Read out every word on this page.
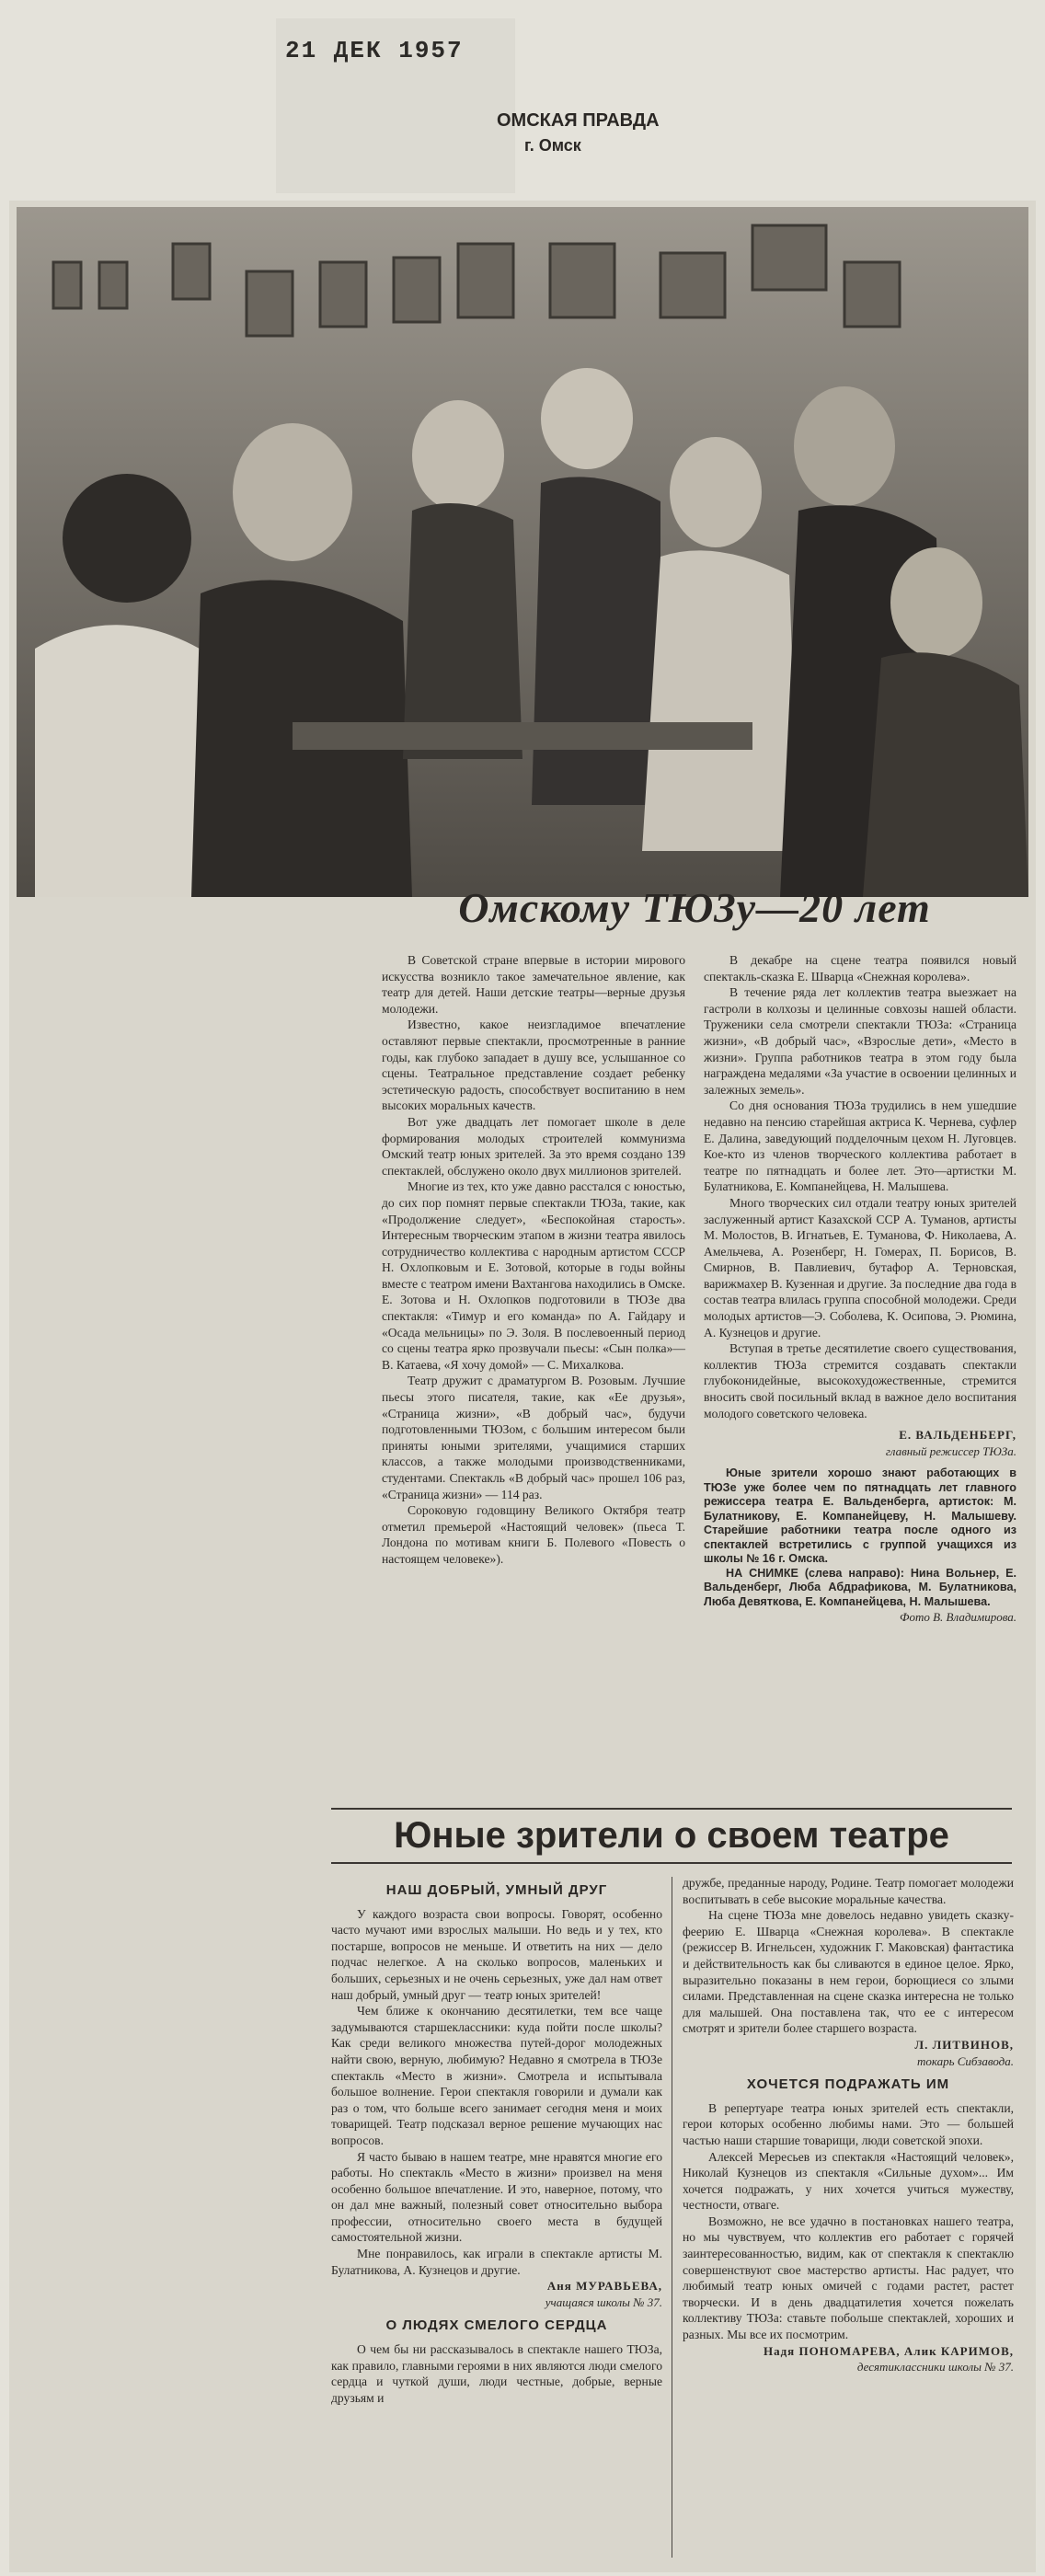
21 ДЕК 1957
ОМСКАЯ ПРАВДА
г. Омск
Омскому ТЮЗу—20 лет

В Советской стране впервые в истории мирового искусства возникло такое замечательное явление, как театр для детей. Наши детские театры—верные друзья молодежи.

Известно, какое неизгладимое впечатление оставляют первые спектакли, просмотренные в ранние годы, как глубоко западает в душу все, услышанное со сцены. Театральное представление создает ребенку эстетическую радость, способствует воспитанию в нем высоких моральных качеств.

Вот уже двадцать лет помогает школе в деле формирования молодых строителей коммунизма Омский театр юных зрителей. За это время создано 139 спектаклей, обслужено около двух миллионов зрителей.

Многие из тех, кто уже давно расстался с юностью, до сих пор помнят первые спектакли ТЮЗа, такие, как «Продолжение следует», «Беспокойная старость». Интересным творческим этапом в жизни театра явилось сотрудничество коллектива с народным артистом СССР Н. Охлопковым и Е. Зотовой, которые в годы войны вместе с театром имени Вахтангова находились в Омске. Е. Зотова и Н. Охлопков подготовили в ТЮЗе два спектакля: «Тимур и его команда» по А. Гайдару и «Осада мельницы» по Э. Золя. В послевоенный период со сцены театра ярко прозвучали пьесы: «Сын полка»—В. Катаева, «Я хочу домой» — С. Михалкова.

Театр дружит с драматургом В. Розовым. Лучшие пьесы этого писателя, такие, как «Ее друзья», «Страница жизни», «В добрый час», будучи подготовленными ТЮЗом, с большим интересом были приняты юными зрителями, учащимися старших классов, а также молодыми производственниками, студентами. Спектакль «В добрый час» прошел 106 раз, «Страница жизни» — 114 раз.

Сороковую годовщину Великого Октября театр отметил премьерой «Настоящий человек» (пьеса Т. Лондона по мотивам книги Б. Полевого «Повесть о настоящем человеке»).

В декабре на сцене театра появился новый спектакль-сказка Е. Шварца «Снежная королева».

В течение ряда лет коллектив театра выезжает на гастроли в колхозы и целинные совхозы нашей области. Труженики села смотрели спектакли ТЮЗа: «Страница жизни», «В добрый час», «Взрослые дети», «Место в жизни». Группа работников театра в этом году была награждена медалями «За участие в освоении целинных и залежных земель».

Со дня основания ТЮЗа трудились в нем ушедшие недавно на пенсию старейшая актриса К. Чернева, суфлер Е. Далина, заведующий подделочным цехом Н. Луговцев. Кое-кто из членов творческого коллектива работает в театре по пятнадцать и более лет. Это—артистки М. Булатникова, Е. Компанейцева, Н. Малышева.

Много творческих сил отдали театру юных зрителей заслуженный артист Казахской ССР А. Туманов, артисты М. Молостов, В. Игнатьев, Е. Туманова, Ф. Николаева, А. Амельчева, А. Розенберг, Н. Гомерах, П. Борисов, В. Смирнов, В. Павлиевич, бутафор А. Терновская, варижмахер В. Кузенная и другие. За последние два года в состав театра влилась группа способной молодежи. Среди молодых артистов—Э. Соболева, К. Осипова, Э. Рюмина, А. Кузнецов и другие.

Вступая в третье десятилетие своего существования, коллектив ТЮЗа стремится создавать спектакли глубоконидейные, высокохудожественные, стремится вносить свой посильный вклад в важное дело воспитания молодого советского человека.

Е. ВАЛЬДЕНБЕРГ,
главный режиссер ТЮЗа.

Юные зрители хорошо знают работающих в ТЮЗе уже более чем по пятнадцать лет главного режиссера театра Е. Вальденберга, артисток: М. Булатникову, Е. Компанейцеву, Н. Малышеву. Старейшие работники театра после одного из спектаклей встретились с группой учащихся из школы № 16 г. Омска.

НА СНИМКЕ (слева направо): Нина Вольнер, Е. Вальденберг, Люба Абдрафикова, М. Булатникова, Люба Девяткова, Е. Компанейцева, Н. Малышева.

Фото В. Владимирова.
Юные зрители о своем театре
НАШ ДОБРЫЙ, УМНЫЙ ДРУГ

У каждого возраста свои вопросы. Говорят, особенно часто мучают ими взрослых малыши. Но ведь и у тех, кто постарше, вопросов не меньше. И ответить на них — дело подчас нелегкое. А на сколько вопросов, маленьких и больших, серьезных и не очень серьезных, уже дал нам ответ наш добрый, умный друг — театр юных зрителей!

Чем ближе к окончанию десятилетки, тем все чаще задумываются старшеклассники: куда пойти после школы? Как среди великого множества путей-дорог молодежных найти свою, верную, любимую? Недавно я смотрела в ТЮЗе спектакль «Место в жизни». Смотрела и испытывала большое волнение. Герои спектакля говорили и думали как раз о том, что больше всего занимает сегодня меня и моих товарищей. Театр подсказал верное решение мучающих нас вопросов.

Я часто бываю в нашем театре, мне нравятся многие его работы. Но спектакль «Место в жизни» произвел на меня особенно большое впечатление. И это, наверное, потому, что он дал мне важный, полезный совет относительно выбора профессии, относительно своего места в будущей самостоятельной жизни.

Мне понравилось, как играли в спектакле артисты М. Булатникова, А. Кузнецов и другие.

Аня МУРАВЬЕВА,
учащаяся школы № 37.
О ЛЮДЯХ СМЕЛОГО СЕРДЦА

О чем бы ни рассказывалось в спектакле нашего ТЮЗа, как правило, главными героями в них являются люди смелого сердца и чуткой души, люди честные, добрые, верные друзьям и

дружбе, преданные народу, Родине. Театр помогает молодежи воспитывать в себе высокие моральные качества.

На сцене ТЮЗа мне довелось недавно увидеть сказку-феерию Е. Шварца «Снежная королева». В спектакле (режиссер В. Игнельсен, художник Г. Маковская) фантастика и действительность как бы сливаются в единое целое. Ярко, выразительно показаны в нем герои, борющиеся со злыми силами. Представленная на сцене сказка интересна не только для малышей. Она поставлена так, что ее с интересом смотрят и зрители более старшего возраста.

Л. ЛИТВИНОВ,
токарь Сибзавода.
ХОЧЕТСЯ ПОДРАЖАТЬ ИМ

В репертуаре театра юных зрителей есть спектакли, герои которых особенно любимы нами. Это — большей частью наши старшие товарищи, люди советской эпохи.

Алексей Мересьев из спектакля «Настоящий человек», Николай Кузнецов из спектакля «Сильные духом»... Им хочется подражать, у них хочется учиться мужеству, честности, отваге.

Возможно, не все удачно в постановках нашего театра, но мы чувствуем, что коллектив его работает с горячей заинтересованностью, видим, как от спектакля к спектаклю совершенствуют свое мастерство артисты. Нас радует, что любимый театр юных омичей с годами растет, растет творчески. И в день двадцатилетия хочется пожелать коллективу ТЮЗа: ставьте побольше спектаклей, хороших и разных. Мы все их посмотрим.

Надя ПОНОМАРЕВА, Алик КАРИМОВ,
десятиклассники школы № 37.
